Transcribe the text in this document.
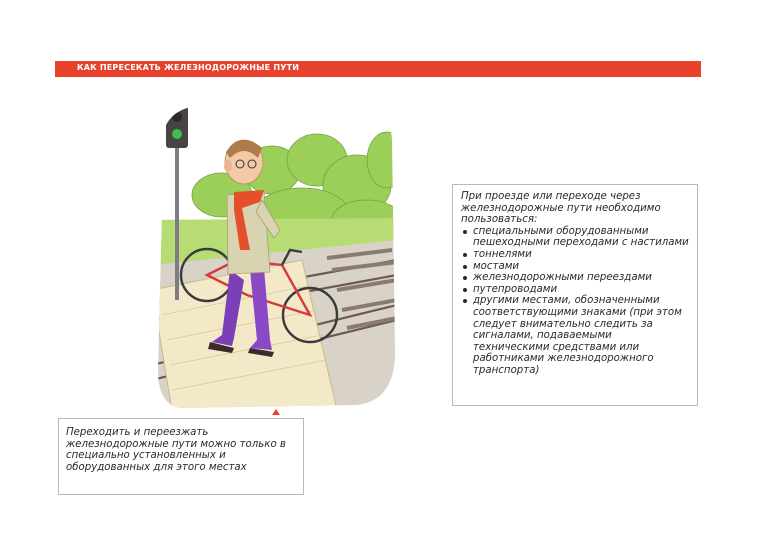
КАК ПЕРЕСЕКАТЬ ЖЕЛЕЗНОДОРОЖНЫЕ ПУТИ

При проезде или переходе через железнодорожные пути необходимо пользоваться:

специальными оборудованными пешеходными переходами с настилами
тоннелями
мостами
железнодорожными переездами
путепроводами
другими местами, обозначенными соответствующими знаками (при этом следует внимательно следить за сигналами, подаваемыми техническими средствами или работниками железнодорожного транспорта)
Переходить и переезжать железнодорожные пути можно только в специально установленных и оборудованных для этого местах
